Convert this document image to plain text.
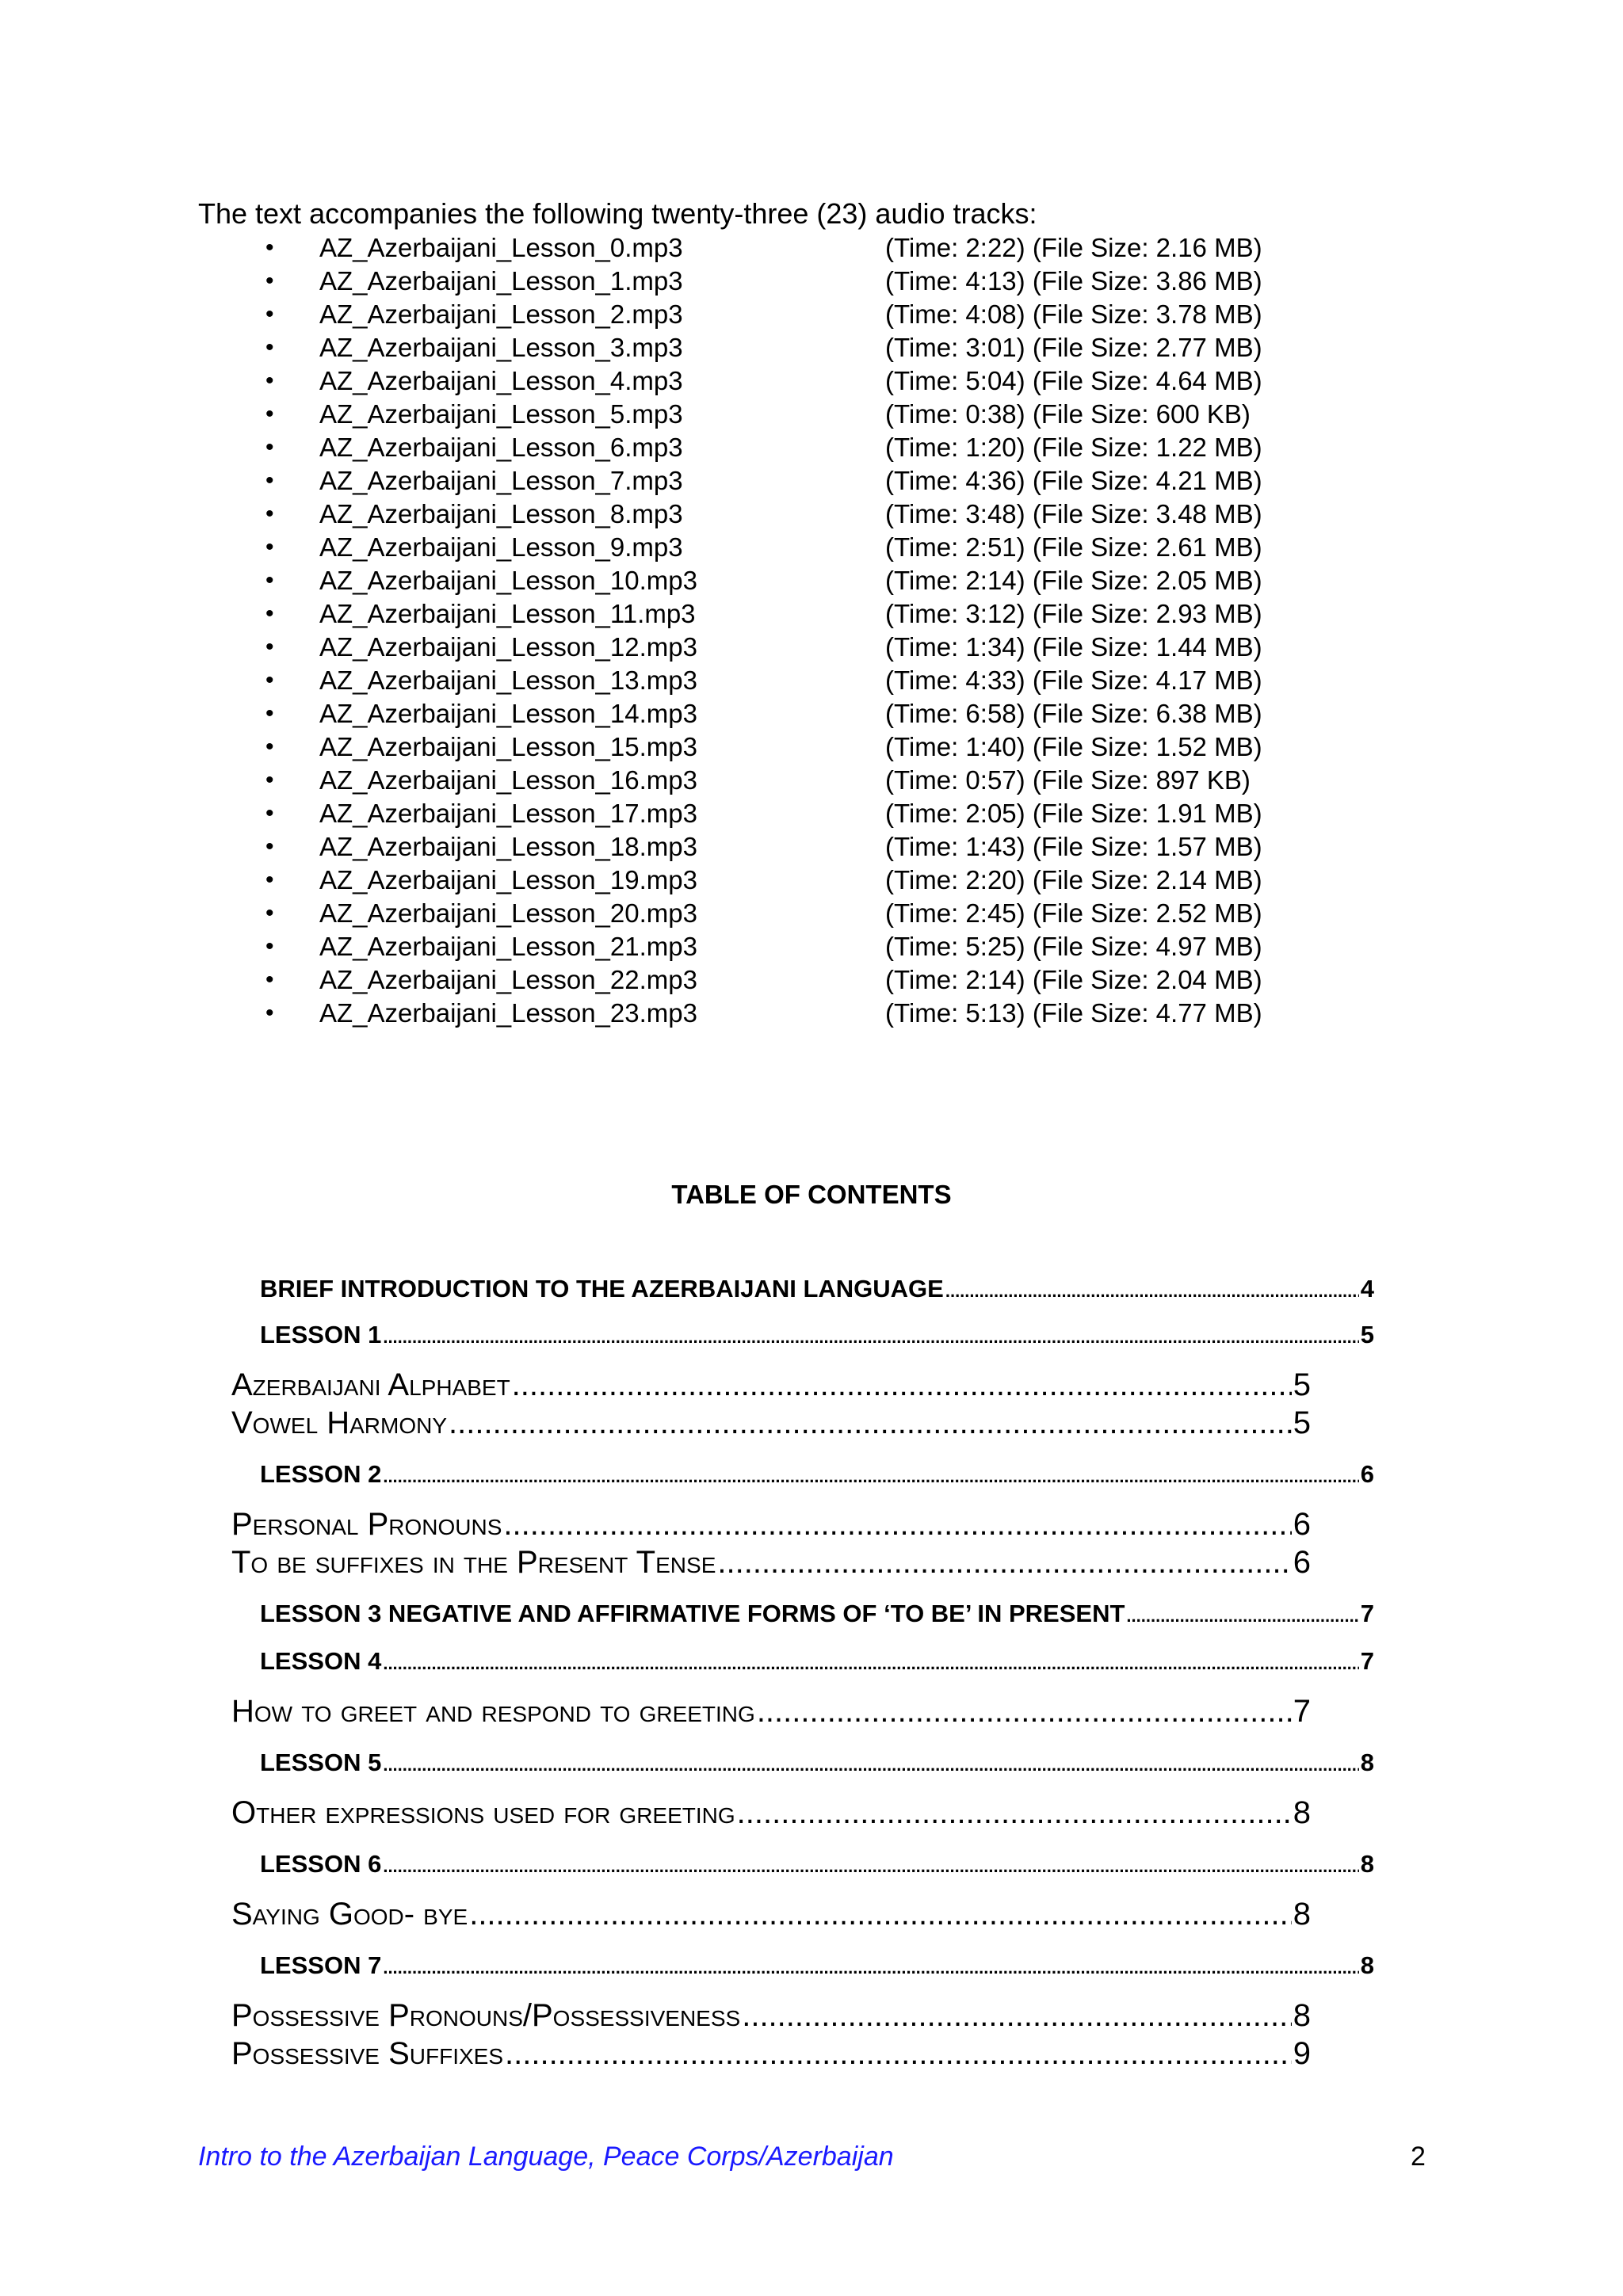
The text accompanies the following twenty-three (23) audio tracks:
• AZ_Azerbaijani_Lesson_0.mp3	(Time: 2:22) (File Size: 2.16 MB)
• AZ_Azerbaijani_Lesson_1.mp3	(Time: 4:13) (File Size: 3.86 MB)
• AZ_Azerbaijani_Lesson_2.mp3	(Time: 4:08) (File Size: 3.78 MB)
• AZ_Azerbaijani_Lesson_3.mp3	(Time: 3:01) (File Size: 2.77 MB)
• AZ_Azerbaijani_Lesson_4.mp3	(Time: 5:04) (File Size: 4.64 MB)
• AZ_Azerbaijani_Lesson_5.mp3	(Time: 0:38) (File Size: 600 KB)
• AZ_Azerbaijani_Lesson_6.mp3	(Time: 1:20) (File Size: 1.22 MB)
• AZ_Azerbaijani_Lesson_7.mp3	(Time: 4:36) (File Size: 4.21 MB)
• AZ_Azerbaijani_Lesson_8.mp3	(Time: 3:48) (File Size: 3.48 MB)
• AZ_Azerbaijani_Lesson_9.mp3	(Time: 2:51) (File Size: 2.61 MB)
• AZ_Azerbaijani_Lesson_10.mp3	(Time: 2:14) (File Size: 2.05 MB)
• AZ_Azerbaijani_Lesson_11.mp3	(Time: 3:12) (File Size: 2.93 MB)
• AZ_Azerbaijani_Lesson_12.mp3	(Time: 1:34) (File Size: 1.44 MB)
• AZ_Azerbaijani_Lesson_13.mp3	(Time: 4:33) (File Size: 4.17 MB)
• AZ_Azerbaijani_Lesson_14.mp3	(Time: 6:58) (File Size: 6.38 MB)
• AZ_Azerbaijani_Lesson_15.mp3	(Time: 1:40) (File Size: 1.52 MB)
• AZ_Azerbaijani_Lesson_16.mp3	(Time: 0:57) (File Size: 897 KB)
• AZ_Azerbaijani_Lesson_17.mp3	(Time: 2:05) (File Size: 1.91 MB)
• AZ_Azerbaijani_Lesson_18.mp3	(Time: 1:43) (File Size: 1.57 MB)
• AZ_Azerbaijani_Lesson_19.mp3	(Time: 2:20) (File Size: 2.14 MB)
• AZ_Azerbaijani_Lesson_20.mp3	(Time: 2:45) (File Size: 2.52 MB)
• AZ_Azerbaijani_Lesson_21.mp3	(Time: 5:25) (File Size: 4.97 MB)
• AZ_Azerbaijani_Lesson_22.mp3	(Time: 2:14) (File Size: 2.04 MB)
• AZ_Azerbaijani_Lesson_23.mp3	(Time: 5:13) (File Size: 4.77 MB)
TABLE OF CONTENTS
BRIEF INTRODUCTION TO THE AZERBAIJANI LANGUAGE .....	4
LESSON 1 .....	5
Azerbaijani Alphabet .....	5
Vowel Harmony .....	5
LESSON 2 .....	6
Personal Pronouns .....	6
To be suffixes in the Present Tense .....	6
LESSON 3 NEGATIVE AND AFFIRMATIVE FORMS OF ‘TO BE’ IN PRESENT .....	7
LESSON 4 .....	7
How to greet and respond to greeting .....	7
LESSON 5 .....	8
Other expressions used for greeting .....	8
LESSON 6 .....	8
Saying Good- bye .....	8
LESSON 7 .....	8
Possessive Pronouns/Possessiveness .....	8
Possessive Suffixes .....	9
Intro to the Azerbaijan Language, Peace Corps/Azerbaijan	2
